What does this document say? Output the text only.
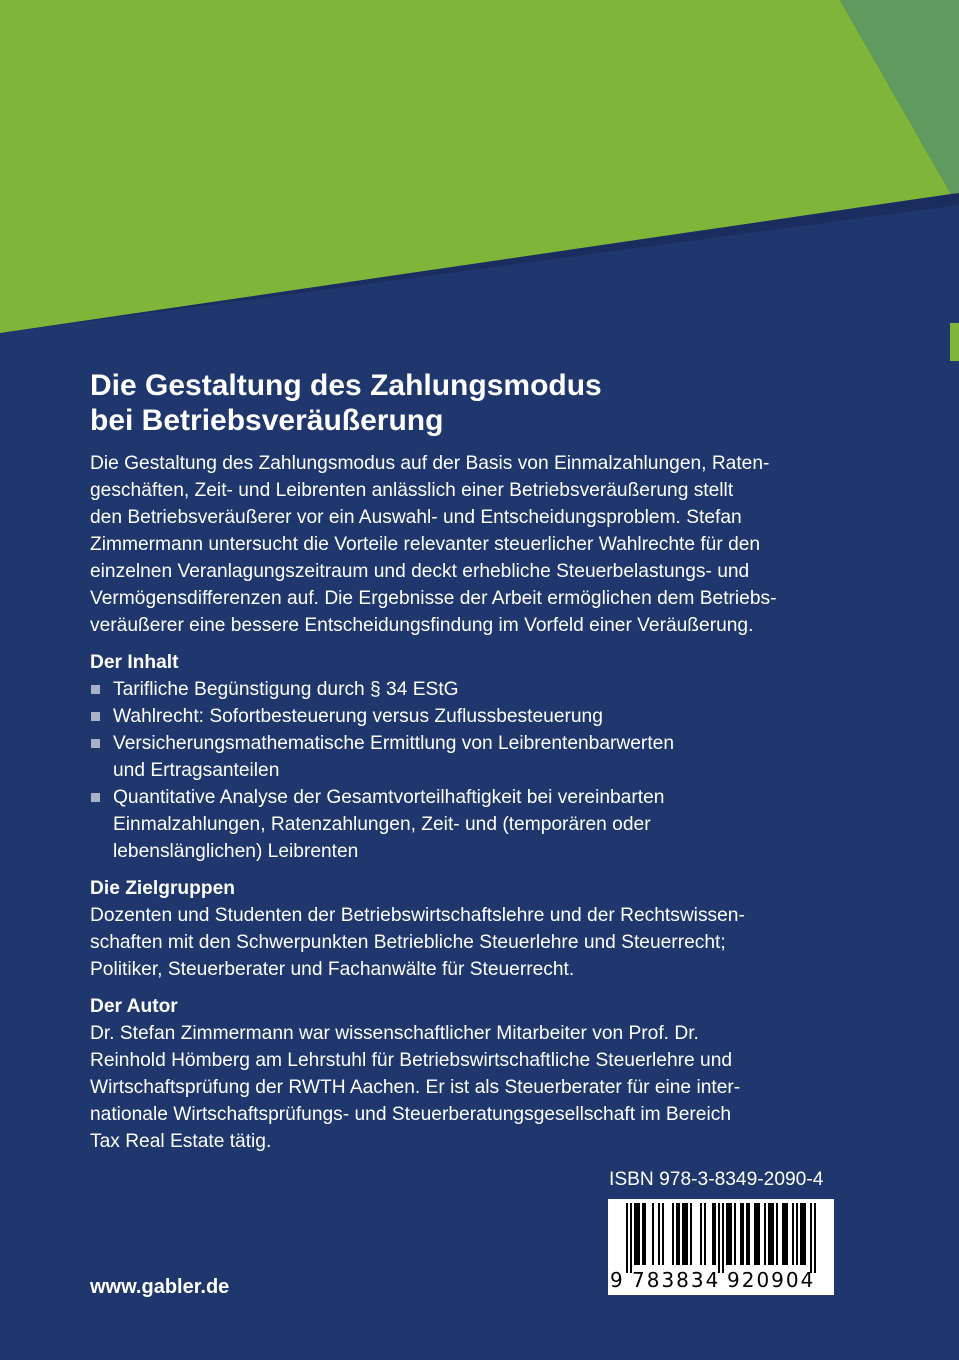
Die Gestaltung des Zahlungsmodus
bei Betriebsveräußerung

Die Gestaltung des Zahlungsmodus auf der Basis von Einmalzahlungen, Raten-
geschäften, Zeit- und Leibrenten anlässlich einer Betriebsveräußerung stellt
den Betriebsveräußerer vor ein Auswahl- und Entscheidungsproblem. Stefan
Zimmermann untersucht die Vorteile relevanter steuerlicher Wahlrechte für den
einzelnen Veranlagungszeitraum und deckt erhebliche Steuerbelastungs- und
Vermögensdifferenzen auf. Die Ergebnisse der Arbeit ermöglichen dem Betriebs-
veräußerer eine bessere Entscheidungsfindung im Vorfeld einer Veräußerung.

Der Inhalt
Tarifliche Begünstigung durch § 34 EStG
Wahlrecht: Sofortbesteuerung versus Zuflussbesteuerung
Versicherungsmathematische Ermittlung von Leibrentenbarwerten
und Ertragsanteilen
Quantitative Analyse der Gesamtvorteilhaftigkeit bei vereinbarten
Einmalzahlungen, Ratenzahlungen, Zeit- und (temporären oder
lebenslänglichen) Leibrenten
Die Zielgruppen

Dozenten und Studenten der Betriebswirtschaftslehre und der Rechtswissen-
schaften mit den Schwerpunkten Betriebliche Steuerlehre und Steuerrecht;
Politiker, Steuerberater und Fachanwälte für Steuerrecht.

Der Autor

Dr. Stefan Zimmermann war wissenschaftlicher Mitarbeiter von Prof. Dr.
Reinhold Hömberg am Lehrstuhl für Betriebswirtschaftliche Steuerlehre und
Wirtschaftsprüfung der RWTH Aachen. Er ist als Steuerberater für eine inter-
nationale Wirtschaftsprüfungs- und Steuerberatungsgesellschaft im Bereich
Tax Real Estate tätig.

ISBN 978-3-8349-2090-4
9 783834 920904
www.gabler.de
